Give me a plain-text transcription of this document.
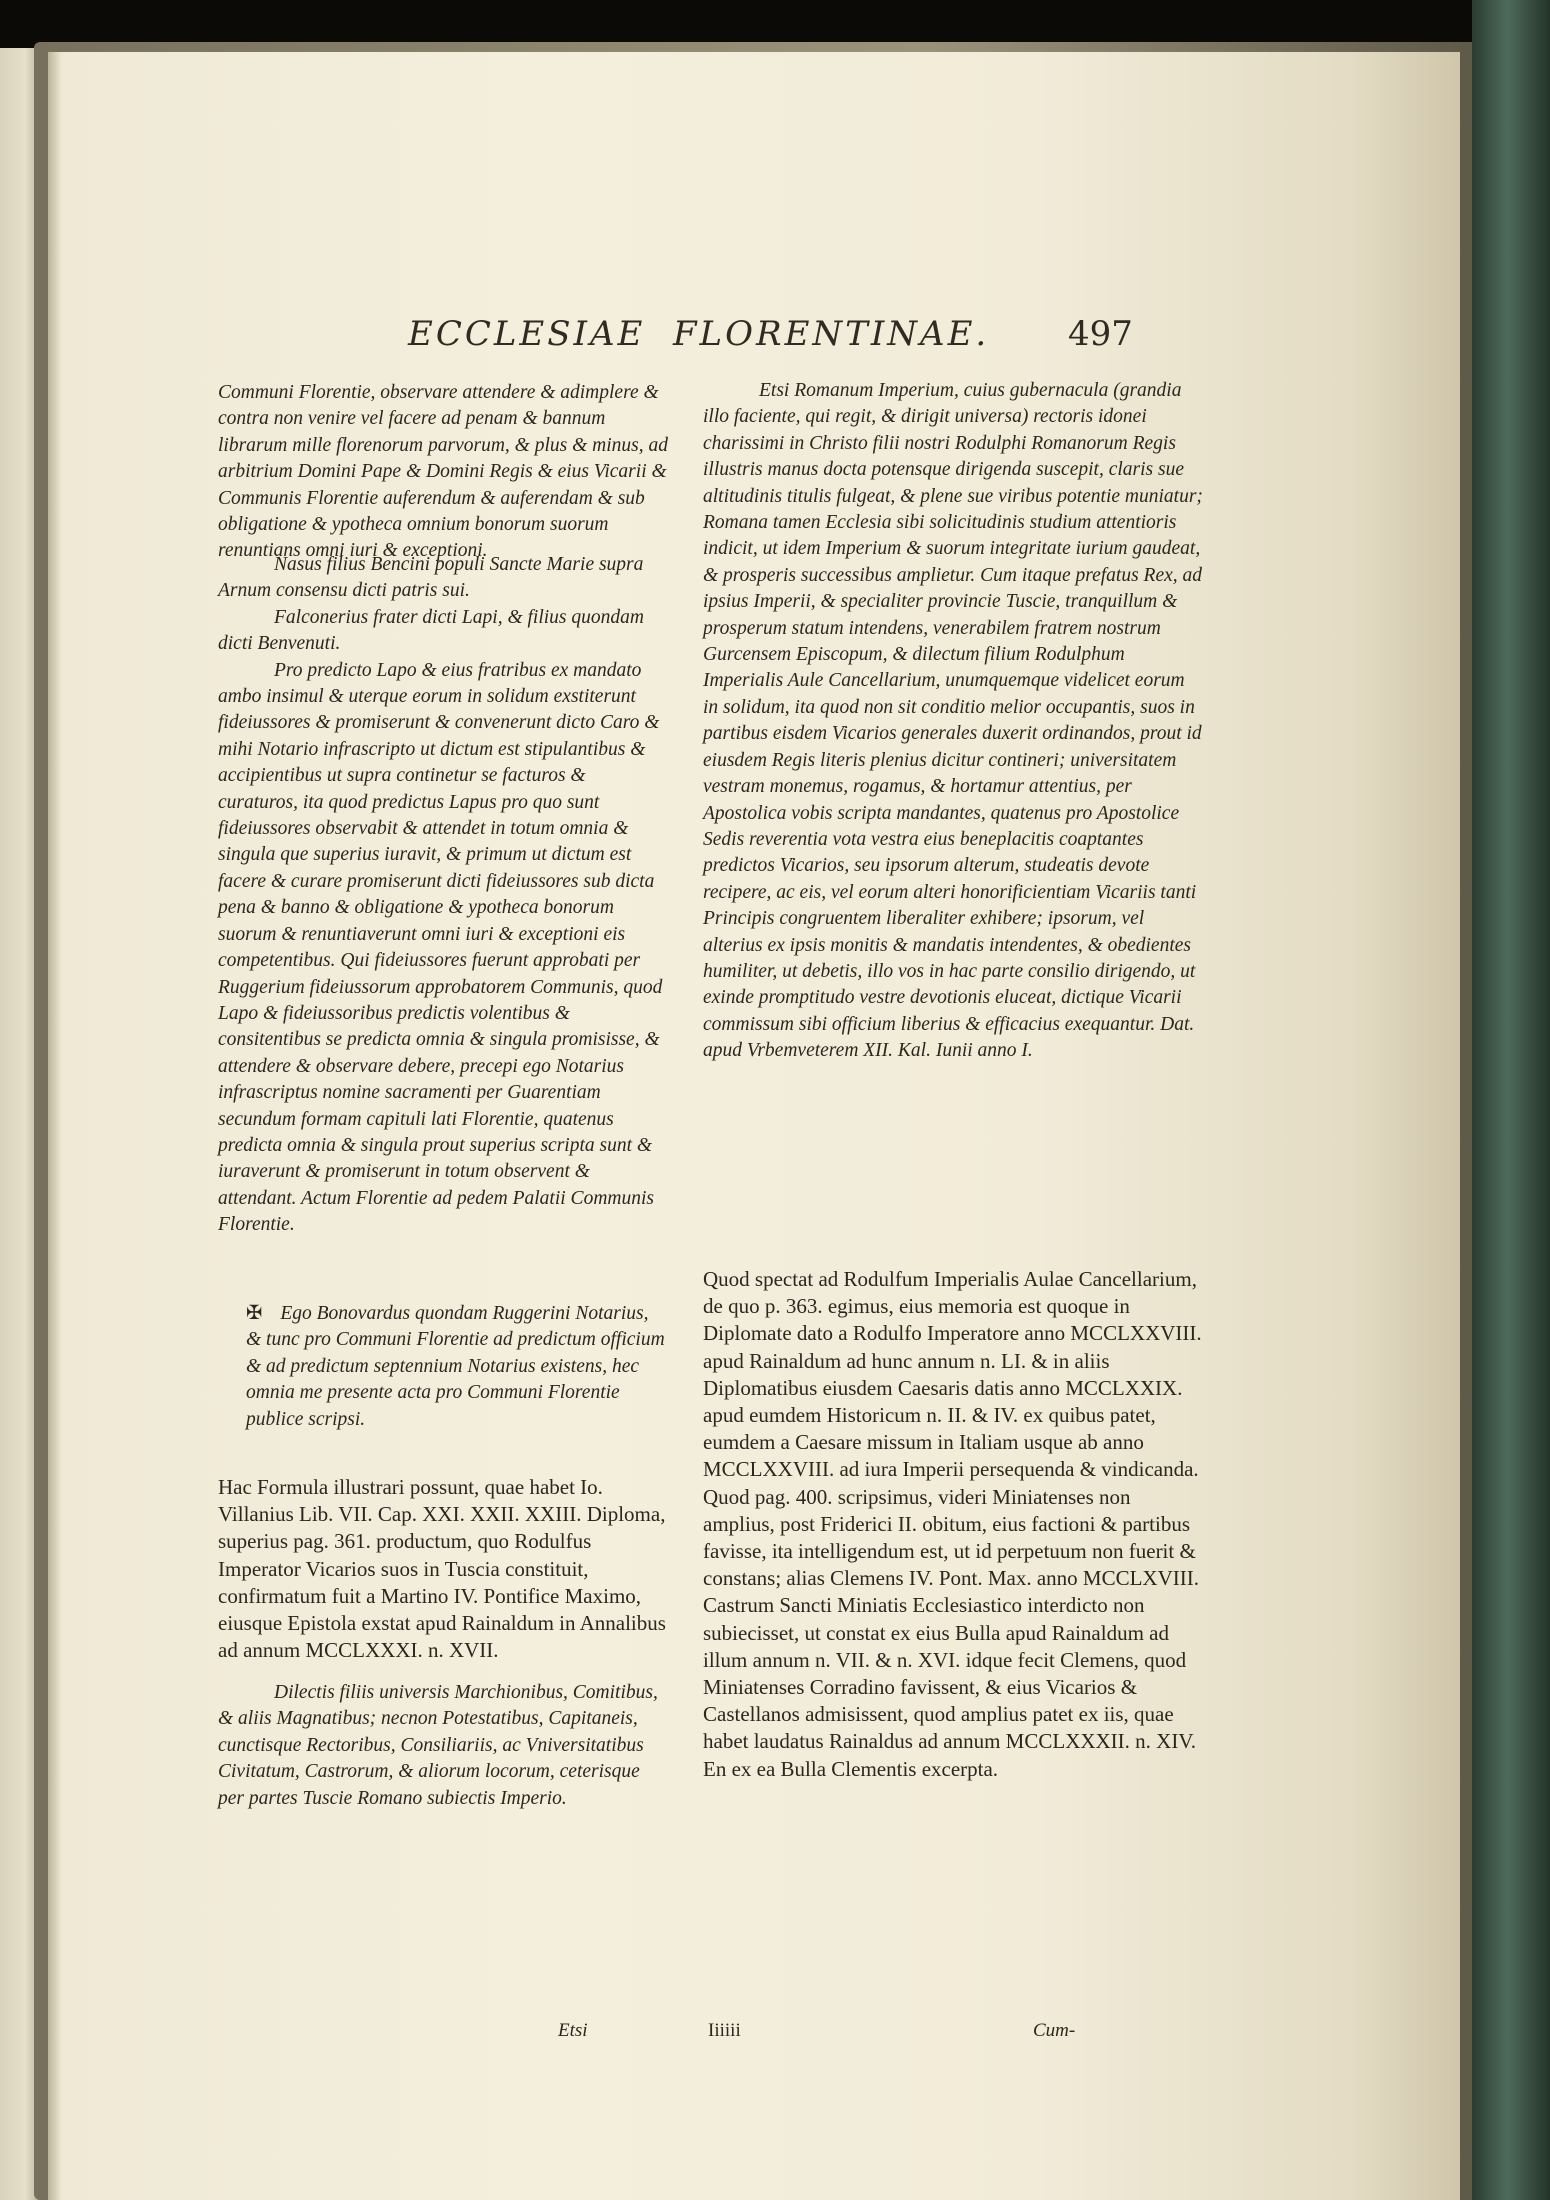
ECCLESIAE  FLORENTINAE. 497

Communi Florentie, observare attendere & adimplere & contra non venire vel facere ad penam & bannum librarum mille florenorum parvorum, & plus & minus, ad arbitrium Domini Pape & Domini Regis & eius Vicarii & Communis Florentie auferendum & auferendam & sub obligatione & ypotheca omnium bonorum suorum renuntians omni iuri & exceptioni.

Nasus filius Bencini populi Sancte Marie supra Arnum consensu dicti patris sui.

Falconerius frater dicti Lapi, & filius quondam dicti Benvenuti.

Pro predicto Lapo & eius fratribus ex mandato ambo insimul & uterque eorum in solidum exstiterunt fideiussores & promiserunt & convenerunt dicto Caro & mihi Notario infrascripto ut dictum est stipulantibus & accipientibus ut supra continetur se facturos & curaturos, ita quod predictus Lapus pro quo sunt fideiussores observabit & attendet in totum omnia & singula que superius iuravit, & primum ut dictum est facere & curare promiserunt dicti fideiussores sub dicta pena & banno & obligatione & ypotheca bonorum suorum & renuntiaverunt omni iuri & exceptioni eis competentibus. Qui fideiussores fuerunt approbati per Ruggerium fideiussorum approbatorem Communis, quod Lapo & fideiussoribus predictis volentibus & consitentibus se predicta omnia & singula promisisse, & attendere & observare debere, precepi ego Notarius infrascriptus nomine sacramenti per Guarentiam secundum formam capituli lati Florentie, quatenus predicta omnia & singula prout superius scripta sunt & iuraverunt & promiserunt in totum observent & attendant. Actum Florentie ad pedem Palatii Communis Florentie.

✠ Ego Bonovardus quondam Ruggerini Notarius, & tunc pro Communi Florentie ad predictum officium & ad predictum septennium Notarius existens, hec omnia me presente acta pro Communi Florentie publice scripsi.

Hac Formula illustrari possunt, quae habet Io. Villanius Lib. VII. Cap. XXI. XXII. XXIII. Diploma, superius pag. 361. productum, quo Rodulfus Imperator Vicarios suos in Tuscia constituit, confirmatum fuit a Martino IV. Pontifice Maximo, eiusque Epistola exstat apud Rainaldum in Annalibus ad annum MCCLXXXI. n. XVII.

Dilectis filiis universis Marchionibus, Comitibus, & aliis Magnatibus; necnon Potestatibus, Capitaneis, cunctisque Rectoribus, Consiliariis, ac Vniversitatibus Civitatum, Castrorum, & aliorum locorum, ceterisque per partes Tuscie Romano subiectis Imperio.

Etsi

Etsi Romanum Imperium, cuius gubernacula (grandia illo faciente, qui regit, & dirigit universa) rectoris idonei charissimi in Christo filii nostri Rodulphi Romanorum Regis illustris manus docta potensque dirigenda suscepit, claris sue altitudinis titulis fulgeat, & plene sue viribus potentie muniatur; Romana tamen Ecclesia sibi solicitudinis studium attentioris indicit, ut idem Imperium & suorum integritate iurium gaudeat, & prosperis successibus amplietur. Cum itaque prefatus Rex, ad ipsius Imperii, & specialiter provincie Tuscie, tranquillum & prosperum statum intendens, venerabilem fratrem nostrum Gurcensem Episcopum, & dilectum filium Rodulphum Imperialis Aule Cancellarium, unumquemque videlicet eorum in solidum, ita quod non sit conditio melior occupantis, suos in partibus eisdem Vicarios generales duxerit ordinandos, prout id eiusdem Regis literis plenius dicitur contineri; universitatem vestram monemus, rogamus, & hortamur attentius, per Apostolica vobis scripta mandantes, quatenus pro Apostolice Sedis reverentia vota vestra eius beneplacitis coaptantes predictos Vicarios, seu ipsorum alterum, studeatis devote recipere, ac eis, vel eorum alteri honorificientiam Vicariis tanti Principis congruentem liberaliter exhibere; ipsorum, vel alterius ex ipsis monitis & mandatis intendentes, & obedientes humiliter, ut debetis, illo vos in hac parte consilio dirigendo, ut exinde promptitudo vestre devotionis eluceat, dictique Vicarii commissum sibi officium liberius & efficacius exequantur. Dat. apud Vrbemveterem XII. Kal. Iunii anno I.

Quod spectat ad Rodulfum Imperialis Aulae Cancellarium, de quo p. 363. egimus, eius memoria est quoque in Diplomate dato a Rodulfo Imperatore anno MCCLXXVIII. apud Rainaldum ad hunc annum n. LI. & in aliis Diplomatibus eiusdem Caesaris datis anno MCCLXXIX. apud eumdem Historicum n. II. & IV. ex quibus patet, eumdem a Caesare missum in Italiam usque ab anno MCCLXXVIII. ad iura Imperii persequenda & vindicanda. Quod pag. 400. scripsimus, videri Miniatenses non amplius, post Friderici II. obitum, eius factioni & partibus favisse, ita intelligendum est, ut id perpetuum non fuerit & constans; alias Clemens IV. Pont. Max. anno MCCLXVIII. Castrum Sancti Miniatis Ecclesiastico interdicto non subiecisset, ut constat ex eius Bulla apud Rainaldum ad illum annum n. VII. & n. XVI. idque fecit Clemens, quod Miniatenses Corradino favissent, & eius Vicarios & Castellanos admisissent, quod amplius patet ex iis, quae habet laudatus Rainaldus ad annum MCCLXXXII. n. XIV. En ex ea Bulla Clementis excerpta.

Iiiiii	Cum-
